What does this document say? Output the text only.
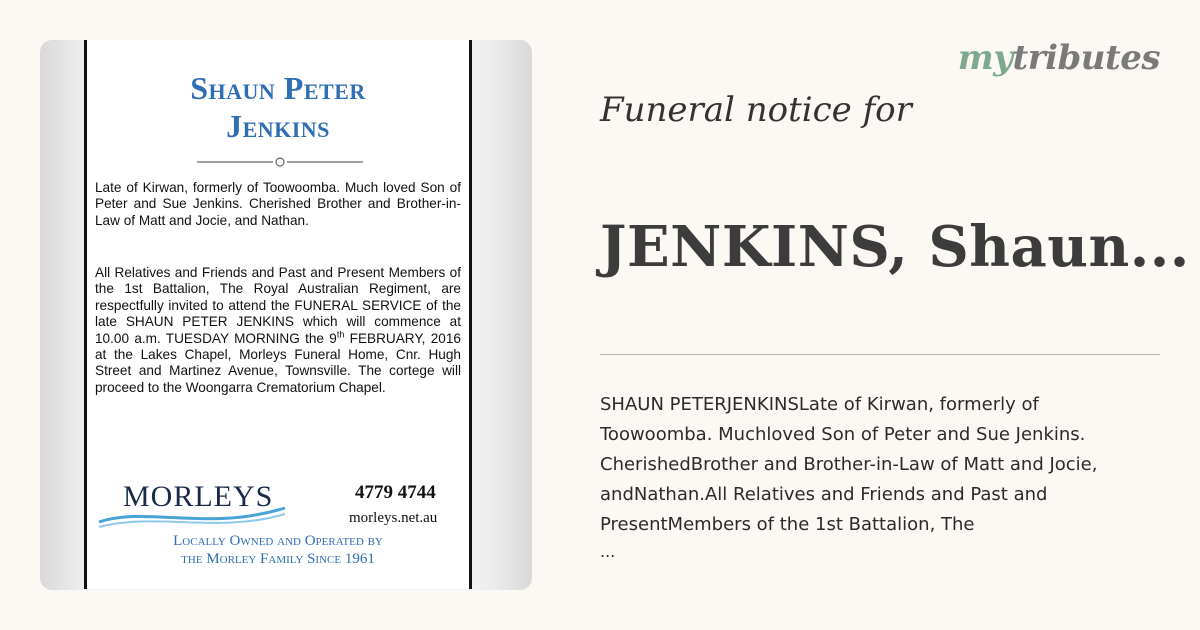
Shaun Peter
Jenkins
Late of Kirwan, formerly of Toowoomba. Much loved Son of Peter and Sue Jenkins. Cherished Brother and Brother-in-Law of Matt and Jocie, and Nathan.
All Relatives and Friends and Past and Present Members of the 1st Battalion, The Royal Australian Regiment, are respectfully invited to attend the FUNERAL SERVICE of the late SHAUN PETER JENKINS which will commence at 10.00 a.m. TUESDAY MORNING the 9th FEBRUARY, 2016 at the Lakes Chapel, Morleys Funeral Home, Cnr. Hugh Street and Martinez Avenue, Townsville. The cortege will proceed to the Woongarra Crematorium Chapel.
MORLEYS	4779 4744
morleys.net.au
Locally Owned and Operated by
the Morley Family Since 1961
mytributes
Funeral notice for
JENKINS, Shaun...
SHAUN PETERJENKINSLate of Kirwan, formerly of Toowoomba. Muchloved Son of Peter and Sue Jenkins. CherishedBrother and Brother-in-Law of Matt and Jocie, andNathan.All Relatives and Friends and Past and PresentMembers of the 1st Battalion, The
...
